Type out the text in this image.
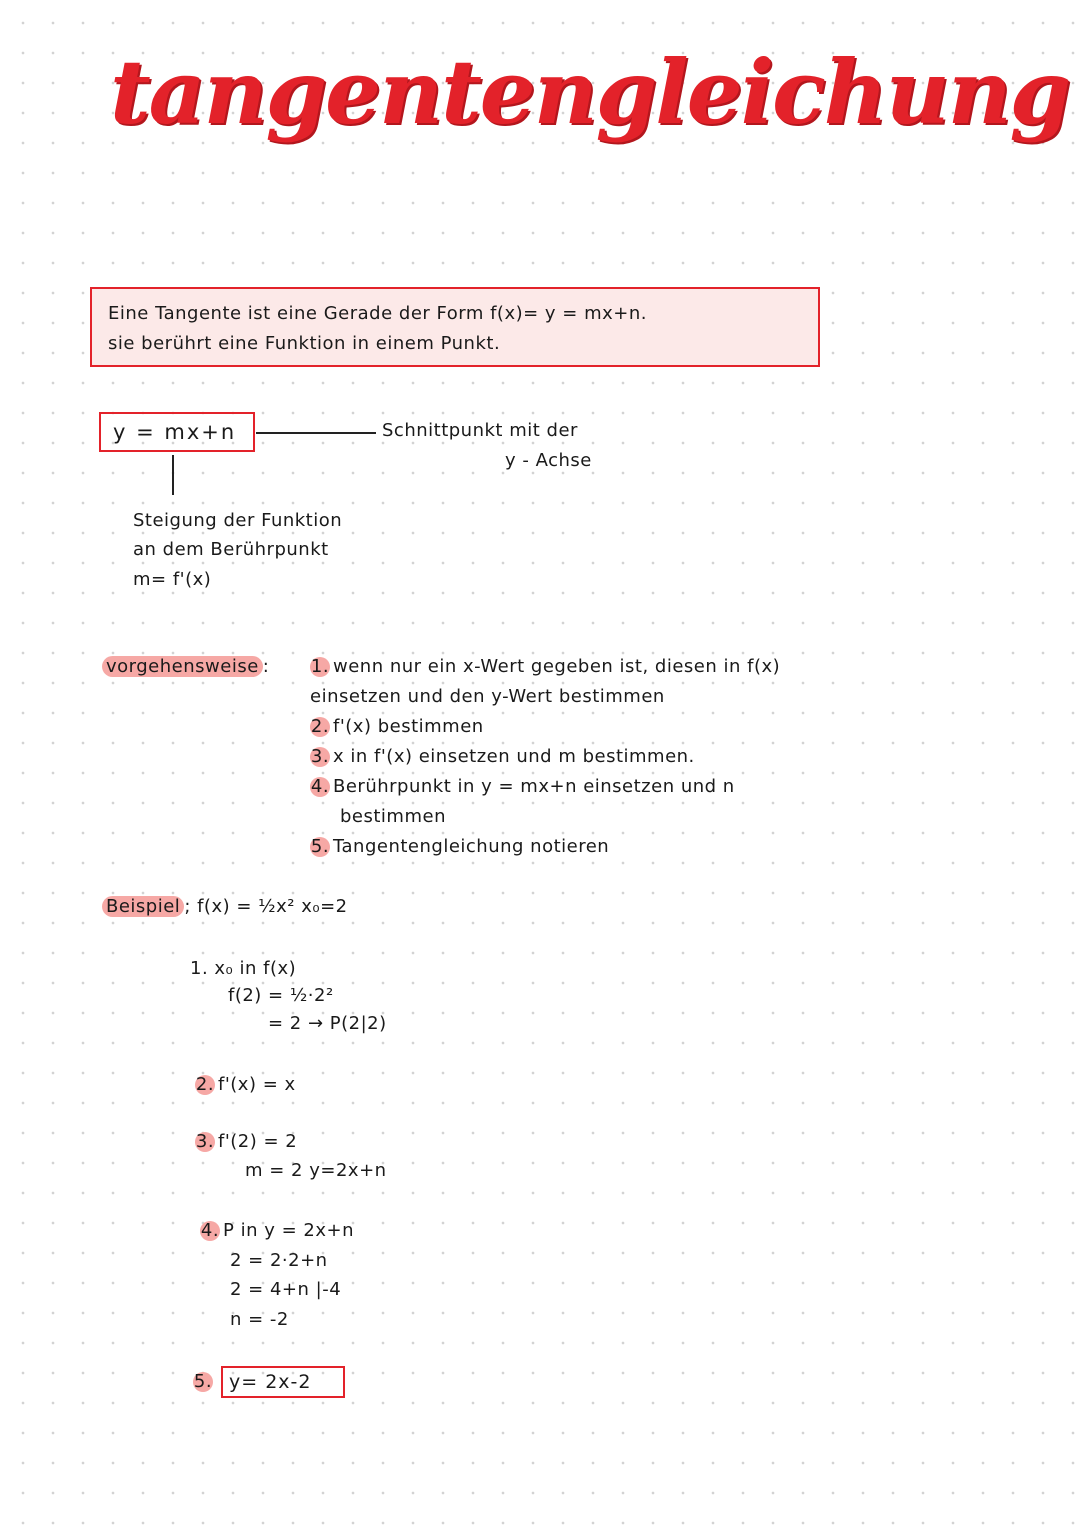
tangentengleichung
Eine Tangente ist eine Gerade der Form f(x)= y = mx+n.
sie berührt eine Funktion in einem Punkt.
y = mx+n	Schnittpunkt mit der
y - Achse
Steigung der Funktion
an dem Berührpunkt
m= f'(x)
vorgehensweise : 1. wenn nur ein x-Wert gegeben ist, diesen in f(x)
einsetzen und den y-Wert bestimmen
2. f'(x) bestimmen
3. x in f'(x) einsetzen und m bestimmen.
4. Berührpunkt in y = mx+n einsetzen und n
bestimmen
5. Tangentengleichung notieren
Beispiel ; f(x) = ½x² x₀=2
1. x₀ in f(x)
f(2) = ½·2²
= 2 → P(2|2)
2. f'(x) = x
3. f'(2) = 2
m = 2 y=2x+n
4. P in y = 2x+n
2 = 2·2+n
2 = 4+n |-4
n = -2
5. y= 2x-2
